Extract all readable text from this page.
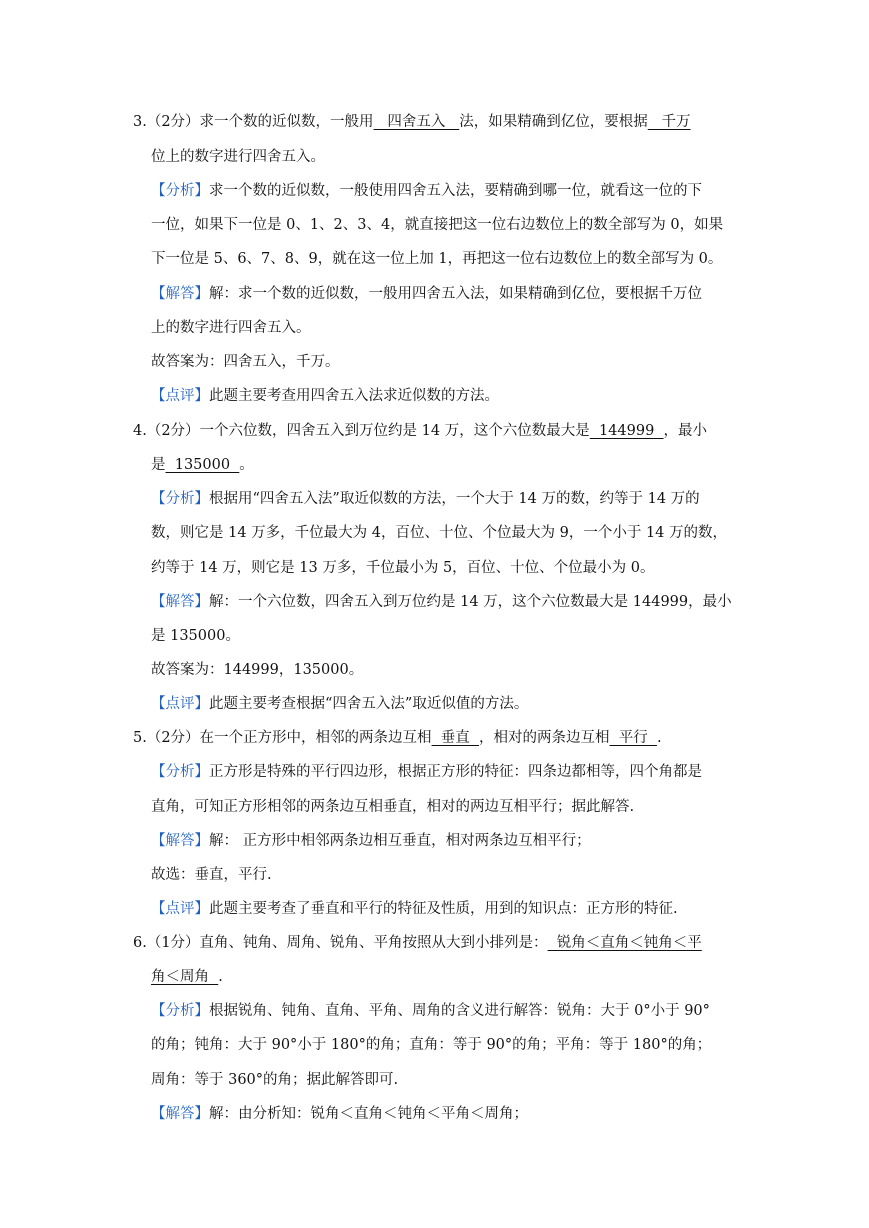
3.（2分）求一个数的近似数，一般用   四舍五入   法，如果精确到亿位，要根据   千万
位上的数字进行四舍五入。
【分析】求一个数的近似数，一般使用四舍五入法，要精确到哪一位，就看这一位的下
一位，如果下一位是 0、1、2、3、4，就直接把这一位右边数位上的数全部写为 0，如果
下一位是 5、6、7、8、9，就在这一位上加 1，再把这一位右边数位上的数全部写为 0。
【解答】解：求一个数的近似数，一般用四舍五入法，如果精确到亿位，要根据千万位
上的数字进行四舍五入。
故答案为：四舍五入，千万。
【点评】此题主要考查用四舍五入法求近似数的方法。
4.（2分）一个六位数，四舍五入到万位约是 14 万，这个六位数最大是  144999  ，最小
是  135000  。
【分析】根据用“四舍五入法”取近似数的方法，一个大于 14 万的数，约等于 14 万的
数，则它是 14 万多，千位最大为 4，百位、十位、个位最大为 9，一个小于 14 万的数，
约等于 14 万，则它是 13 万多，千位最小为 5，百位、十位、个位最小为 0。
【解答】解：一个六位数，四舍五入到万位约是 14 万，这个六位数最大是 144999，最小
是 135000。
故答案为：144999，135000。
【点评】此题主要考查根据“四舍五入法”取近似值的方法。
5.（2分）在一个正方形中，相邻的两条边互相  垂直  ，相对的两条边互相  平行  .
【分析】正方形是特殊的平行四边形，根据正方形的特征：四条边都相等，四个角都是
直角，可知正方形相邻的两条边互相垂直，相对的两边互相平行；据此解答.
【解答】解： 正方形中相邻两条边相互垂直，相对两条边互相平行；
故选：垂直，平行.
【点评】此题主要考查了垂直和平行的特征及性质，用到的知识点：正方形的特征.
6.（1分）直角、钝角、周角、锐角、平角按照从大到小排列是：  锐角＜直角＜钝角＜平
角＜周角  .
【分析】根据锐角、钝角、直角、平角、周角的含义进行解答：锐角：大于 0°小于 90°
的角；钝角：大于 90°小于 180°的角；直角：等于 90°的角；平角：等于 180°的角；
周角：等于 360°的角；据此解答即可.
【解答】解：由分析知：锐角＜直角＜钝角＜平角＜周角；
